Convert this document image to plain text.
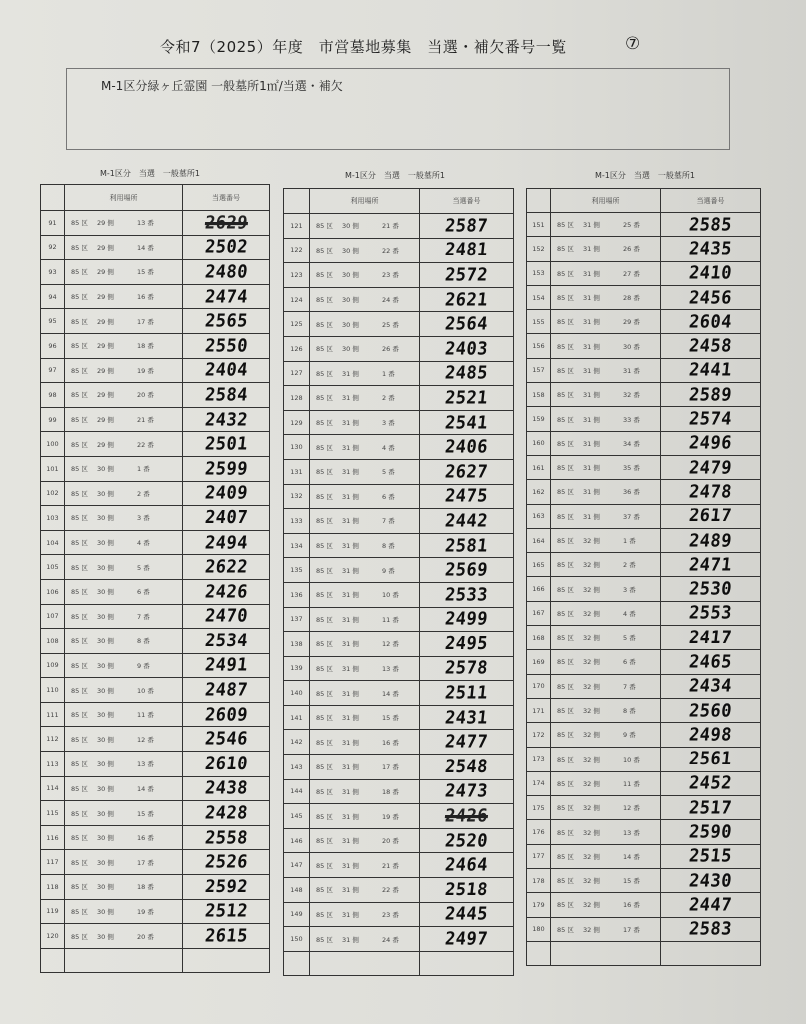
令和7（2025）年度　市営墓地募集　当選・補欠番号一覧	⑦
M-1区分緑ヶ丘霊園 一般墓所1㎡/当選・補欠
M-1区分　当選　一般墓所1	M-1区分　当選　一般墓所1	M-1区分　当選　一般墓所1
	利用場所	当選番号
91	85 区 29 側 13 番	2629
92	85 区 29 側 14 番	2502
93	85 区 29 側 15 番	2480
94	85 区 29 側 16 番	2474
95	85 区 29 側 17 番	2565
96	85 区 29 側 18 番	2550
97	85 区 29 側 19 番	2404
98	85 区 29 側 20 番	2584
99	85 区 29 側 21 番	2432
100	85 区 29 側 22 番	2501
101	85 区 30 側 1 番	2599
102	85 区 30 側 2 番	2409
103	85 区 30 側 3 番	2407
104	85 区 30 側 4 番	2494
105	85 区 30 側 5 番	2622
106	85 区 30 側 6 番	2426
107	85 区 30 側 7 番	2470
108	85 区 30 側 8 番	2534
109	85 区 30 側 9 番	2491
110	85 区 30 側 10 番	2487
111	85 区 30 側 11 番	2609
112	85 区 30 側 12 番	2546
113	85 区 30 側 13 番	2610
114	85 区 30 側 14 番	2438
115	85 区 30 側 15 番	2428
116	85 区 30 側 16 番	2558
117	85 区 30 側 17 番	2526
118	85 区 30 側 18 番	2592
119	85 区 30 側 19 番	2512
120	85 区 30 側 20 番	2615

	利用場所	当選番号
121	85 区 30 側 21 番	2587
122	85 区 30 側 22 番	2481
123	85 区 30 側 23 番	2572
124	85 区 30 側 24 番	2621
125	85 区 30 側 25 番	2564
126	85 区 30 側 26 番	2403
127	85 区 31 側 1 番	2485
128	85 区 31 側 2 番	2521
129	85 区 31 側 3 番	2541
130	85 区 31 側 4 番	2406
131	85 区 31 側 5 番	2627
132	85 区 31 側 6 番	2475
133	85 区 31 側 7 番	2442
134	85 区 31 側 8 番	2581
135	85 区 31 側 9 番	2569
136	85 区 31 側 10 番	2533
137	85 区 31 側 11 番	2499
138	85 区 31 側 12 番	2495
139	85 区 31 側 13 番	2578
140	85 区 31 側 14 番	2511
141	85 区 31 側 15 番	2431
142	85 区 31 側 16 番	2477
143	85 区 31 側 17 番	2548
144	85 区 31 側 18 番	2473
145	85 区 31 側 19 番	2426
146	85 区 31 側 20 番	2520
147	85 区 31 側 21 番	2464
148	85 区 31 側 22 番	2518
149	85 区 31 側 23 番	2445
150	85 区 31 側 24 番	2497

	利用場所	当選番号
151	85 区 31 側 25 番	2585
152	85 区 31 側 26 番	2435
153	85 区 31 側 27 番	2410
154	85 区 31 側 28 番	2456
155	85 区 31 側 29 番	2604
156	85 区 31 側 30 番	2458
157	85 区 31 側 31 番	2441
158	85 区 31 側 32 番	2589
159	85 区 31 側 33 番	2574
160	85 区 31 側 34 番	2496
161	85 区 31 側 35 番	2479
162	85 区 31 側 36 番	2478
163	85 区 31 側 37 番	2617
164	85 区 32 側 1 番	2489
165	85 区 32 側 2 番	2471
166	85 区 32 側 3 番	2530
167	85 区 32 側 4 番	2553
168	85 区 32 側 5 番	2417
169	85 区 32 側 6 番	2465
170	85 区 32 側 7 番	2434
171	85 区 32 側 8 番	2560
172	85 区 32 側 9 番	2498
173	85 区 32 側 10 番	2561
174	85 区 32 側 11 番	2452
175	85 区 32 側 12 番	2517
176	85 区 32 側 13 番	2590
177	85 区 32 側 14 番	2515
178	85 区 32 側 15 番	2430
179	85 区 32 側 16 番	2447
180	85 区 32 側 17 番	2583
